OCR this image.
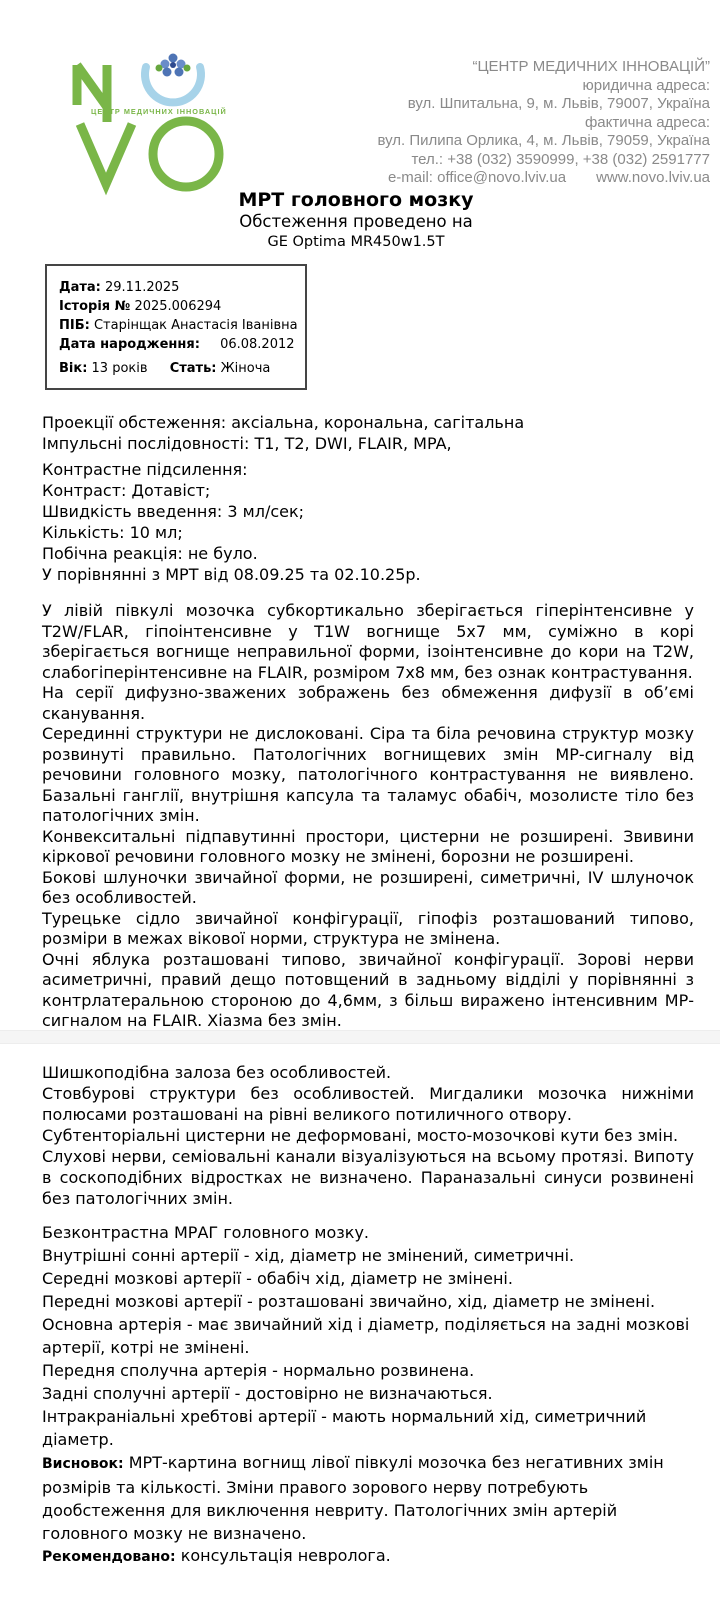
ЦЕНТР МЕДИЧНИХ ІННОВАЦІЙ
“ЦЕНТР МЕДИЧНИХ ІННОВАЦІЙ”
юридична адреса:
вул. Шпитальна, 9, м. Львів, 79007, Україна
фактична адреса:
вул. Пилипа Орлика, 4, м. Львів, 79059, Україна
тел.: +38 (032) 3590999, +38 (032) 2591777
e-mail: office@novo.lviv.ua www.novo.lviv.ua
МРТ головного мозку
Обстеження проведено на
GE Optima MR450w1.5T
Дата: 29.11.2025
Історія № 2025.006294
ПІБ: Старінщак Анастасія Іванівна
Дата народження: 06.08.2012
Вік: 13 років Стать: Жіноча

Проекції обстеження: аксіальна, корональна, сагітальна

Імпульсні послідовності: T1, T2, DWI, FLAIR, MPA,

Контрастне підсилення:

Контраст: Дотавіст;

Швидкість введення: 3 мл/сек;

Кількість: 10 мл;

Побічна реакція: не було.

У порівнянні з МРТ від 08.09.25 та 02.10.25р.

У лівій півкулі мозочка субкортикально зберігається гіперінтенсивне у T2W/FLAR, гіпоінтенсивне у T1W вогнище 5х7 мм, суміжно в корі зберігається вогнище неправильної форми, ізоінтенсивне до кори на T2W, слабогіперінтенсивне на FLAIR, розміром 7х8 мм, без ознак контрастування.

На серії дифузно-зважених зображень без обмеження дифузії в об’ємі сканування.

Серединні структури не дислоковані. Сіра та біла речовина структур мозку розвинуті правильно. Патологічних вогнищевих змін МР-сигналу від речовини головного мозку, патологічного контрастування не виявлено. Базальні ганглії, внутрішня капсула та таламус обабіч, мозолисте тіло без патологічних змін.

Конвекситальні підпавутинні простори, цистерни не розширені. Звивини кіркової речовини головного мозку не змінені, борозни не розширені.

Бокові шлуночки звичайної форми, не розширені, симетричні, IV шлуночок без особливостей.

Турецьке сідло звичайної конфігурації, гіпофіз розташований типово, розміри в межах вікової норми, структура не змінена.

Очні яблука розташовані типово, звичайної конфігурації. Зорові нерви асиметричні, правий дещо потовщений в задньому відділі у порівнянні з контрлатеральною стороною до 4,6мм, з більш виражено інтенсивним МР-сигналом на FLAIR. Хіазма без змін.

Шишкоподібна залоза без особливостей.

Стовбурові структури без особливостей. Мигдалики мозочка нижніми полюсами розташовані на рівні великого потиличного отвору.

Субтенторіальні цистерни не деформовані, мосто-мозочкові кути без змін.

Слухові нерви, семіовальні канали візуалізуються на всьому протязі. Випоту в соскоподібних відростках не визначено. Параназальні синуси розвинені без патологічних змін.

Безконтрастна МРАГ головного мозку.

Внутрішні сонні артерії - хід, діаметр не змінений, симетричні.

Середні мозкові артерії - обабіч хід, діаметр не змінені.

Передні мозкові артерії - розташовані звичайно, хід, діаметр не змінені.

Основна артерія - має звичайний хід і діаметр, поділяється на задні мозкові артерії, котрі не змінені.

Передня сполучна артерія - нормально розвинена.

Задні сполучні артерії - достовірно не визначаються.

Інтракраніальні хребтові артерії - мають нормальний хід, симетричний діаметр.

Висновок: МРТ-картина вогнищ лівої півкулі мозочка без негативних змін розмірів та кількості. Зміни правого зорового нерву потребують дообстеження для виключення невриту. Патологічних змін артерій головного мозку не визначено.

Рекомендовано: консультація невролога.
